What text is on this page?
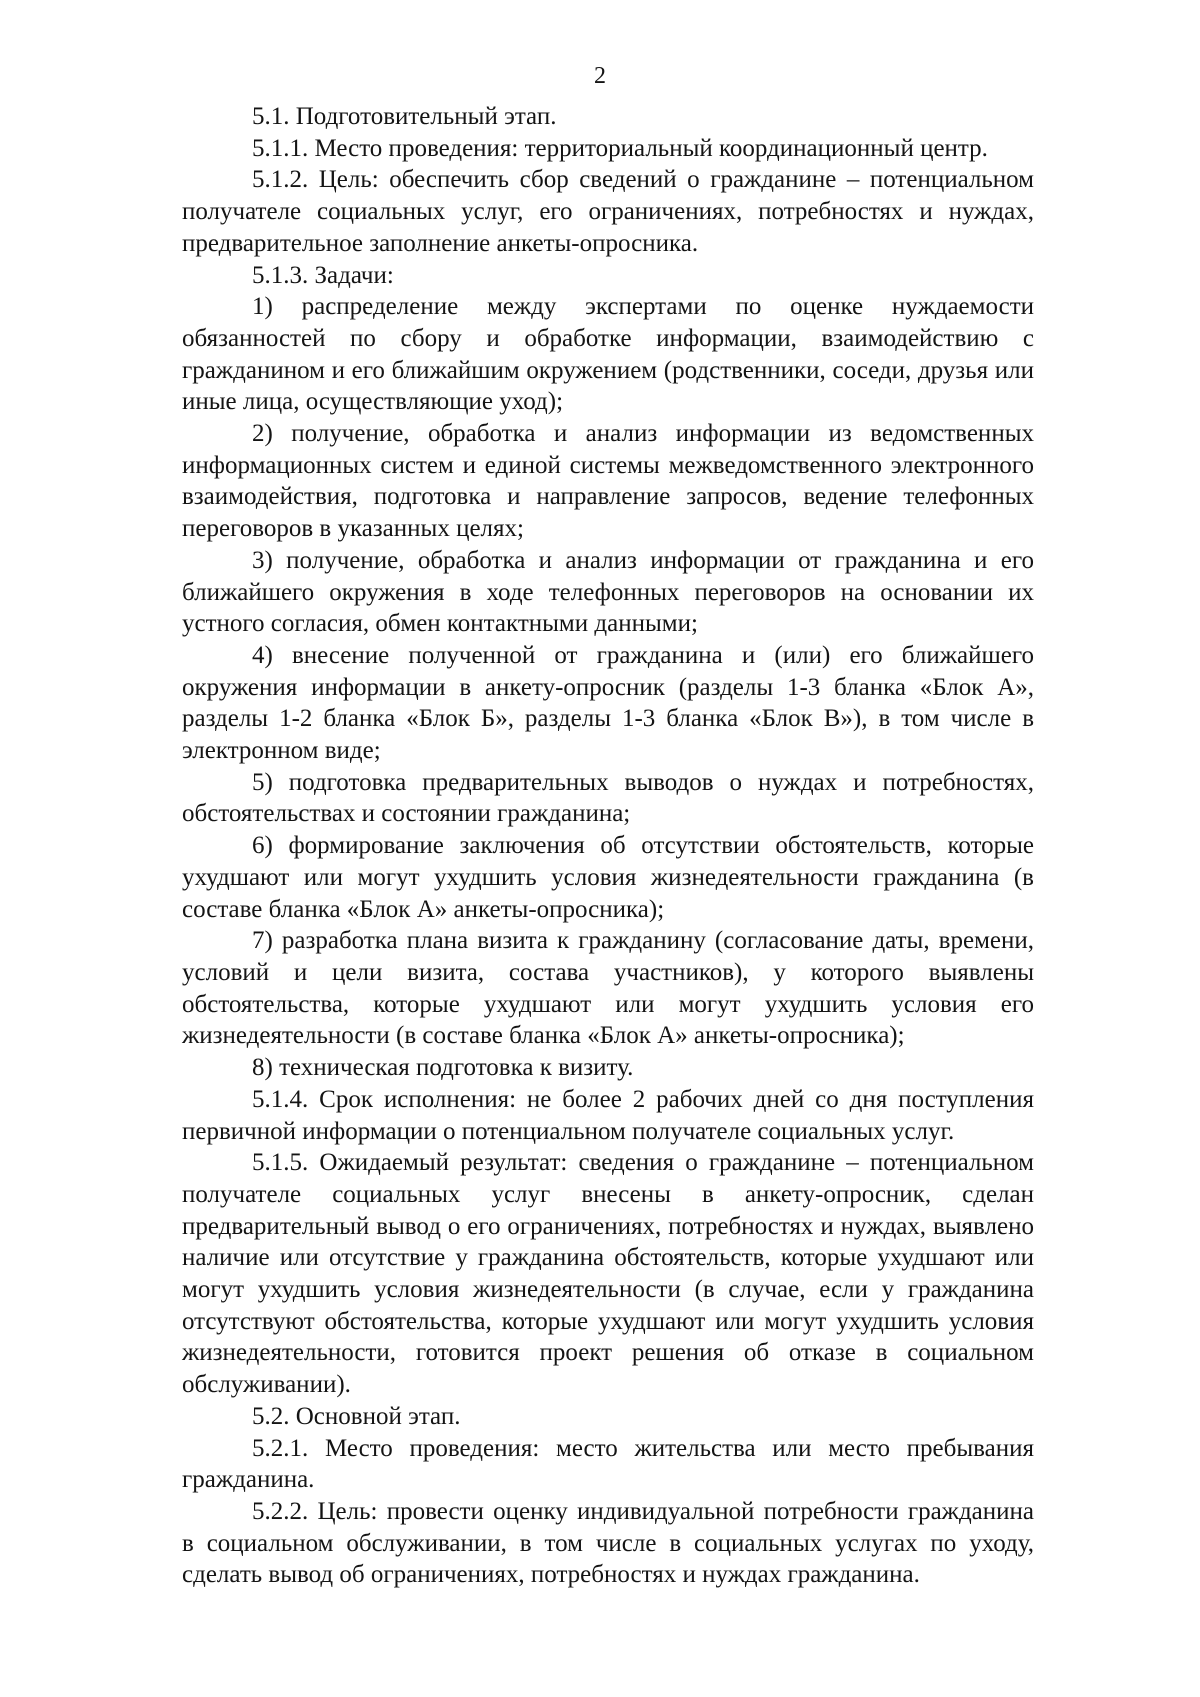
2

5.1. Подготовительный этап.

5.1.1. Место проведения: территориальный координационный центр.

5.1.2. Цель: обеспечить сбор сведений о гражданине – потенциальном получателе социальных услуг, его ограничениях, потребностях и нуждах, предварительное заполнение анкеты-опросника.

5.1.3. Задачи:

1) распределение между экспертами по оценке нуждаемости обязанностей по сбору и обработке информации, взаимодействию с гражданином и его ближайшим окружением (родственники, соседи, друзья или иные лица, осуществляющие уход);

2) получение, обработка и анализ информации из ведомственных информационных систем и единой системы межведомственного электронного взаимодействия, подготовка и направление запросов, ведение телефонных переговоров в указанных целях;

3) получение, обработка и анализ информации от гражданина и его ближайшего окружения в ходе телефонных переговоров на основании их устного согласия, обмен контактными данными;

4) внесение полученной от гражданина и (или) его ближайшего окружения информации в анкету-опросник (разделы 1-3 бланка «Блок А», разделы 1-2 бланка «Блок Б», разделы 1-3 бланка «Блок В»), в том числе в электронном виде;

5) подготовка предварительных выводов о нуждах и потребностях, обстоятельствах и состоянии гражданина;

6) формирование заключения об отсутствии обстоятельств, которые ухудшают или могут ухудшить условия жизнедеятельности гражданина (в составе бланка «Блок А» анкеты-опросника);

7) разработка плана визита к гражданину (согласование даты, времени, условий и цели визита, состава участников), у которого выявлены обстоятельства, которые ухудшают или могут ухудшить условия его жизнедеятельности (в составе бланка «Блок А» анкеты-опросника);

8) техническая подготовка к визиту.

5.1.4. Срок исполнения: не более 2 рабочих дней со дня поступления первичной информации о потенциальном получателе социальных услуг.

5.1.5. Ожидаемый результат: сведения о гражданине – потенциальном получателе социальных услуг внесены в анкету-опросник, сделан предварительный вывод о его ограничениях, потребностях и нуждах, выявлено наличие или отсутствие у гражданина обстоятельств, которые ухудшают или могут ухудшить условия жизнедеятельности (в случае, если у гражданина отсутствуют обстоятельства, которые ухудшают или могут ухудшить условия жизнедеятельности, готовится проект решения об отказе в социальном обслуживании).

5.2. Основной этап.

5.2.1. Место проведения: место жительства или место пребывания гражданина.

5.2.2. Цель: провести оценку индивидуальной потребности гражданина в социальном обслуживании, в том числе в социальных услугах по уходу, сделать вывод об ограничениях, потребностях и нуждах гражданина.
